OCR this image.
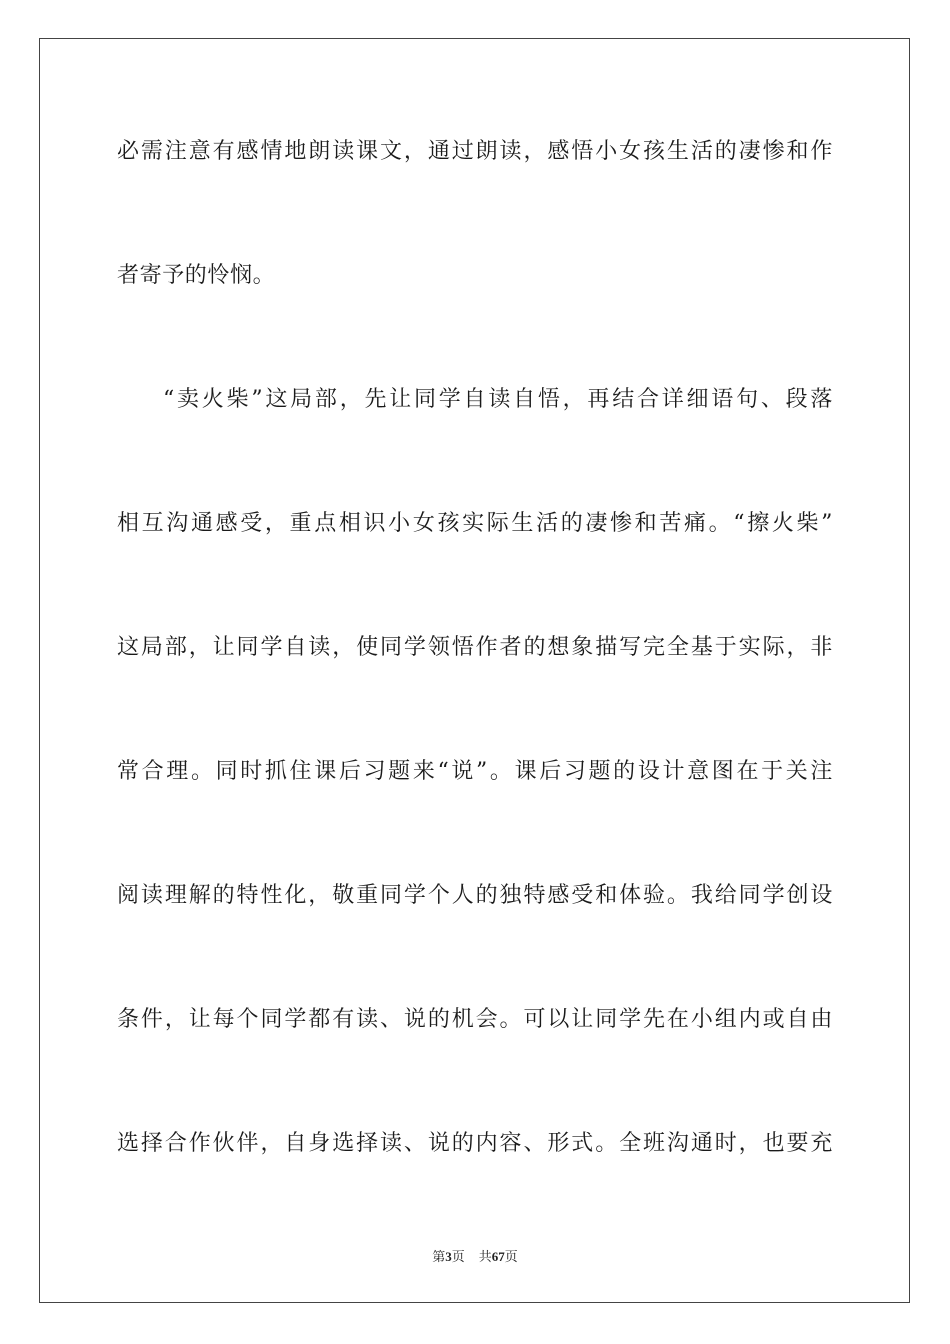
必需注意有感情地朗读课文，通过朗读，感悟小女孩生活的凄惨和作
者寄予的怜悯。
“卖火柴”这局部，先让同学自读自悟，再结合详细语句、段落
相互沟通感受，重点相识小女孩实际生活的凄惨和苦痛。“擦火柴”
这局部，让同学自读，使同学领悟作者的想象描写完全基于实际，非
常合理。同时抓住课后习题来“说”。课后习题的设计意图在于关注
阅读理解的特性化，敬重同学个人的独特感受和体验。我给同学创设
条件，让每个同学都有读、说的机会。可以让同学先在小组内或自由
选择合作伙伴，自身选择读、说的内容、形式。全班沟通时，也要充
第3页 共67页
